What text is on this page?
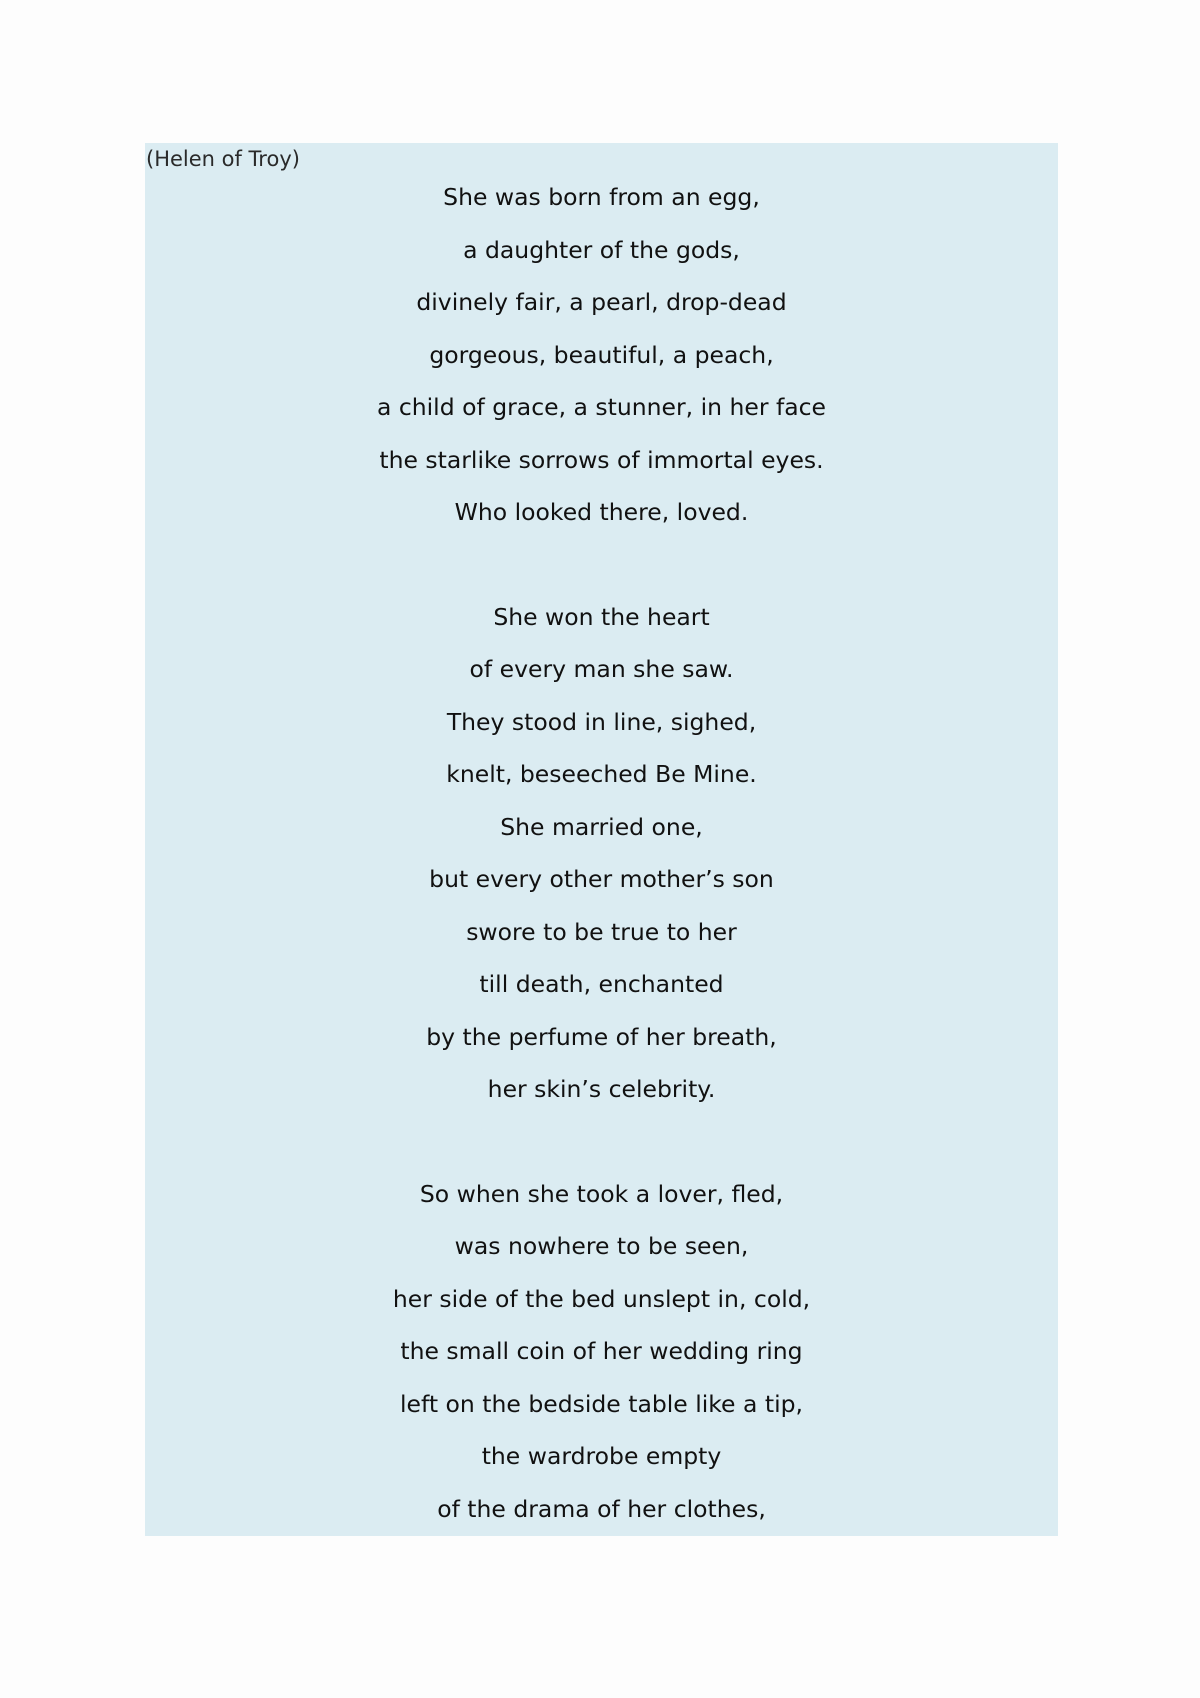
(Helen of Troy)
She was born from an egg,
a daughter of the gods,
divinely fair, a pearl, drop-dead
gorgeous, beautiful, a peach,
a child of grace, a stunner, in her face
the starlike sorrows of immortal eyes.
Who looked there, loved.
She won the heart
of every man she saw.
They stood in line, sighed,
knelt, beseeched Be Mine.
She married one,
but every other mother’s son
swore to be true to her
till death, enchanted
by the perfume of her breath,
her skin’s celebrity.
So when she took a lover, fled,
was nowhere to be seen,
her side of the bed unslept in, cold,
the small coin of her wedding ring
left on the bedside table like a tip,
the wardrobe empty
of the drama of her clothes,
